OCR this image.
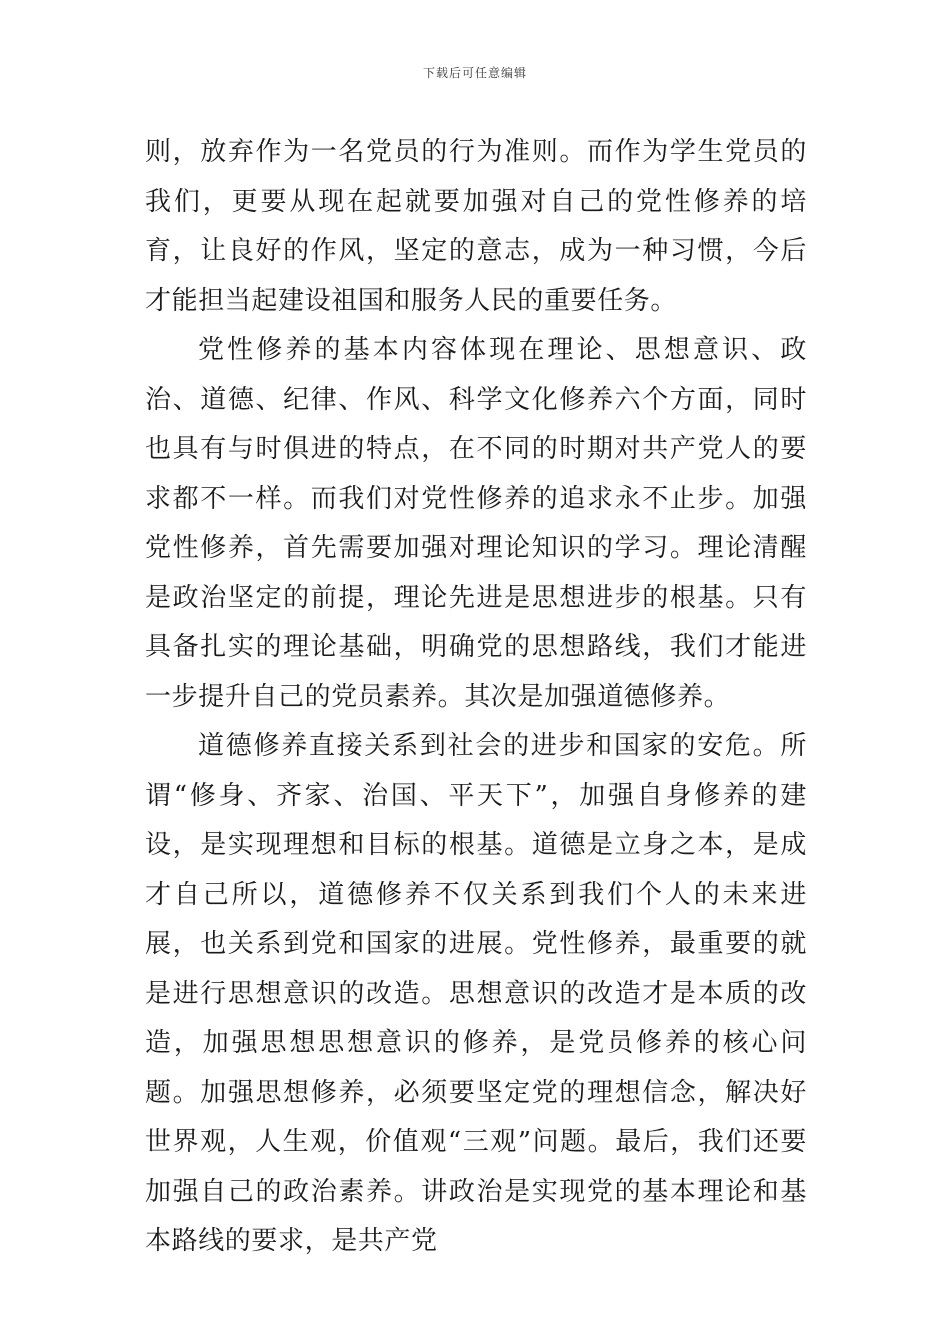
下载后可任意编辑

则，放弃作为一名党员的行为准则。而作为学生党员的我们，更要从现在起就要加强对自己的党性修养的培育，让良好的作风，坚定的意志，成为一种习惯，今后才能担当起建设祖国和服务人民的重要任务。

党性修养的基本内容体现在理论、思想意识、政治、道德、纪律、作风、科学文化修养六个方面，同时也具有与时俱进的特点，在不同的时期对共产党人的要求都不一样。而我们对党性修养的追求永不止步。加强党性修养，首先需要加强对理论知识的学习。理论清醒是政治坚定的前提，理论先进是思想进步的根基。只有具备扎实的理论基础，明确党的思想路线，我们才能进一步提升自己的党员素养。其次是加强道德修养。

道德修养直接关系到社会的进步和国家的安危。所谓“修身、齐家、治国、平天下”，加强自身修养的建设，是实现理想和目标的根基。道德是立身之本，是成才自己所以，道德修养不仅关系到我们个人的未来进展，也关系到党和国家的进展。党性修养，最重要的就是进行思想意识的改造。思想意识的改造才是本质的改造，加强思想思想意识的修养，是党员修养的核心问题。加强思想修养，必须要坚定党的理想信念，解决好世界观，人生观，价值观“三观”问题。最后，我们还要加强自己的政治素养。讲政治是实现党的基本理论和基本路线的要求，是共产党
